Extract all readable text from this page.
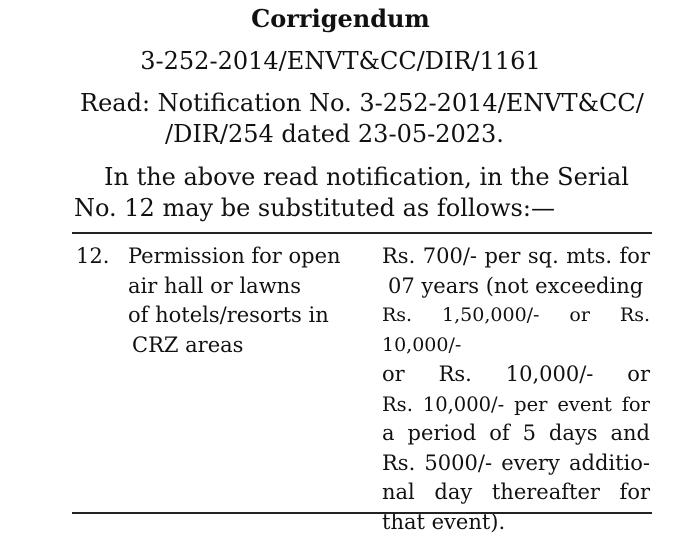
Corrigendum
3-252-2014/ENVT&CC/DIR/1161
Read: Notification No. 3-252-2014/ENVT&CC/
/DIR/254 dated 23-05-2023.
In the above read notification, in the Serial
No. 12 may be substituted as follows:—
12. Permission for open
air hall or lawns
of hotels/resorts in
CRZ areas
Rs. 700/- per sq. mts. for
07 years (not exceeding
Rs. 1,50,000/- or Rs. 10,000/-
or Rs. 10,000/- or
Rs. 10,000/- per event for
a period of 5 days and
Rs. 5000/- every additio-
nal day thereafter for
that event).
